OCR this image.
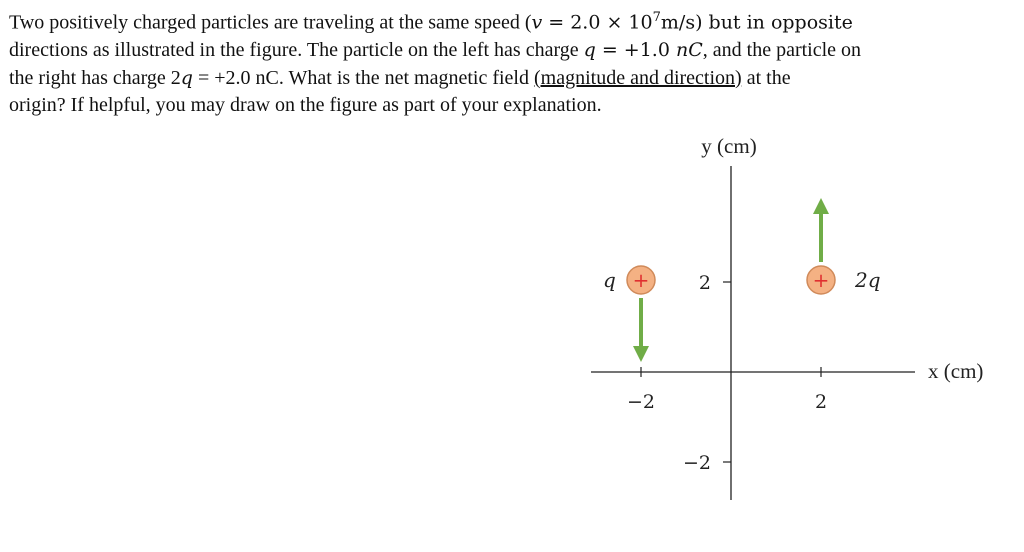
Two positively charged particles are traveling at the same speed $(v = 2.0 \times 10^7m/s)$ but in opposite
directions as illustrated in the figure. The particle on the left has charge q = +1.0 nC, and the particle on
the right has charge 2q = +2.0 nC. What is the net magnetic field (magnitude and direction) at the
origin? If helpful, you may draw on the figure as part of your explanation.
y (cm)
x (cm)
−2	2
2
−2
+
q	+ 2q
